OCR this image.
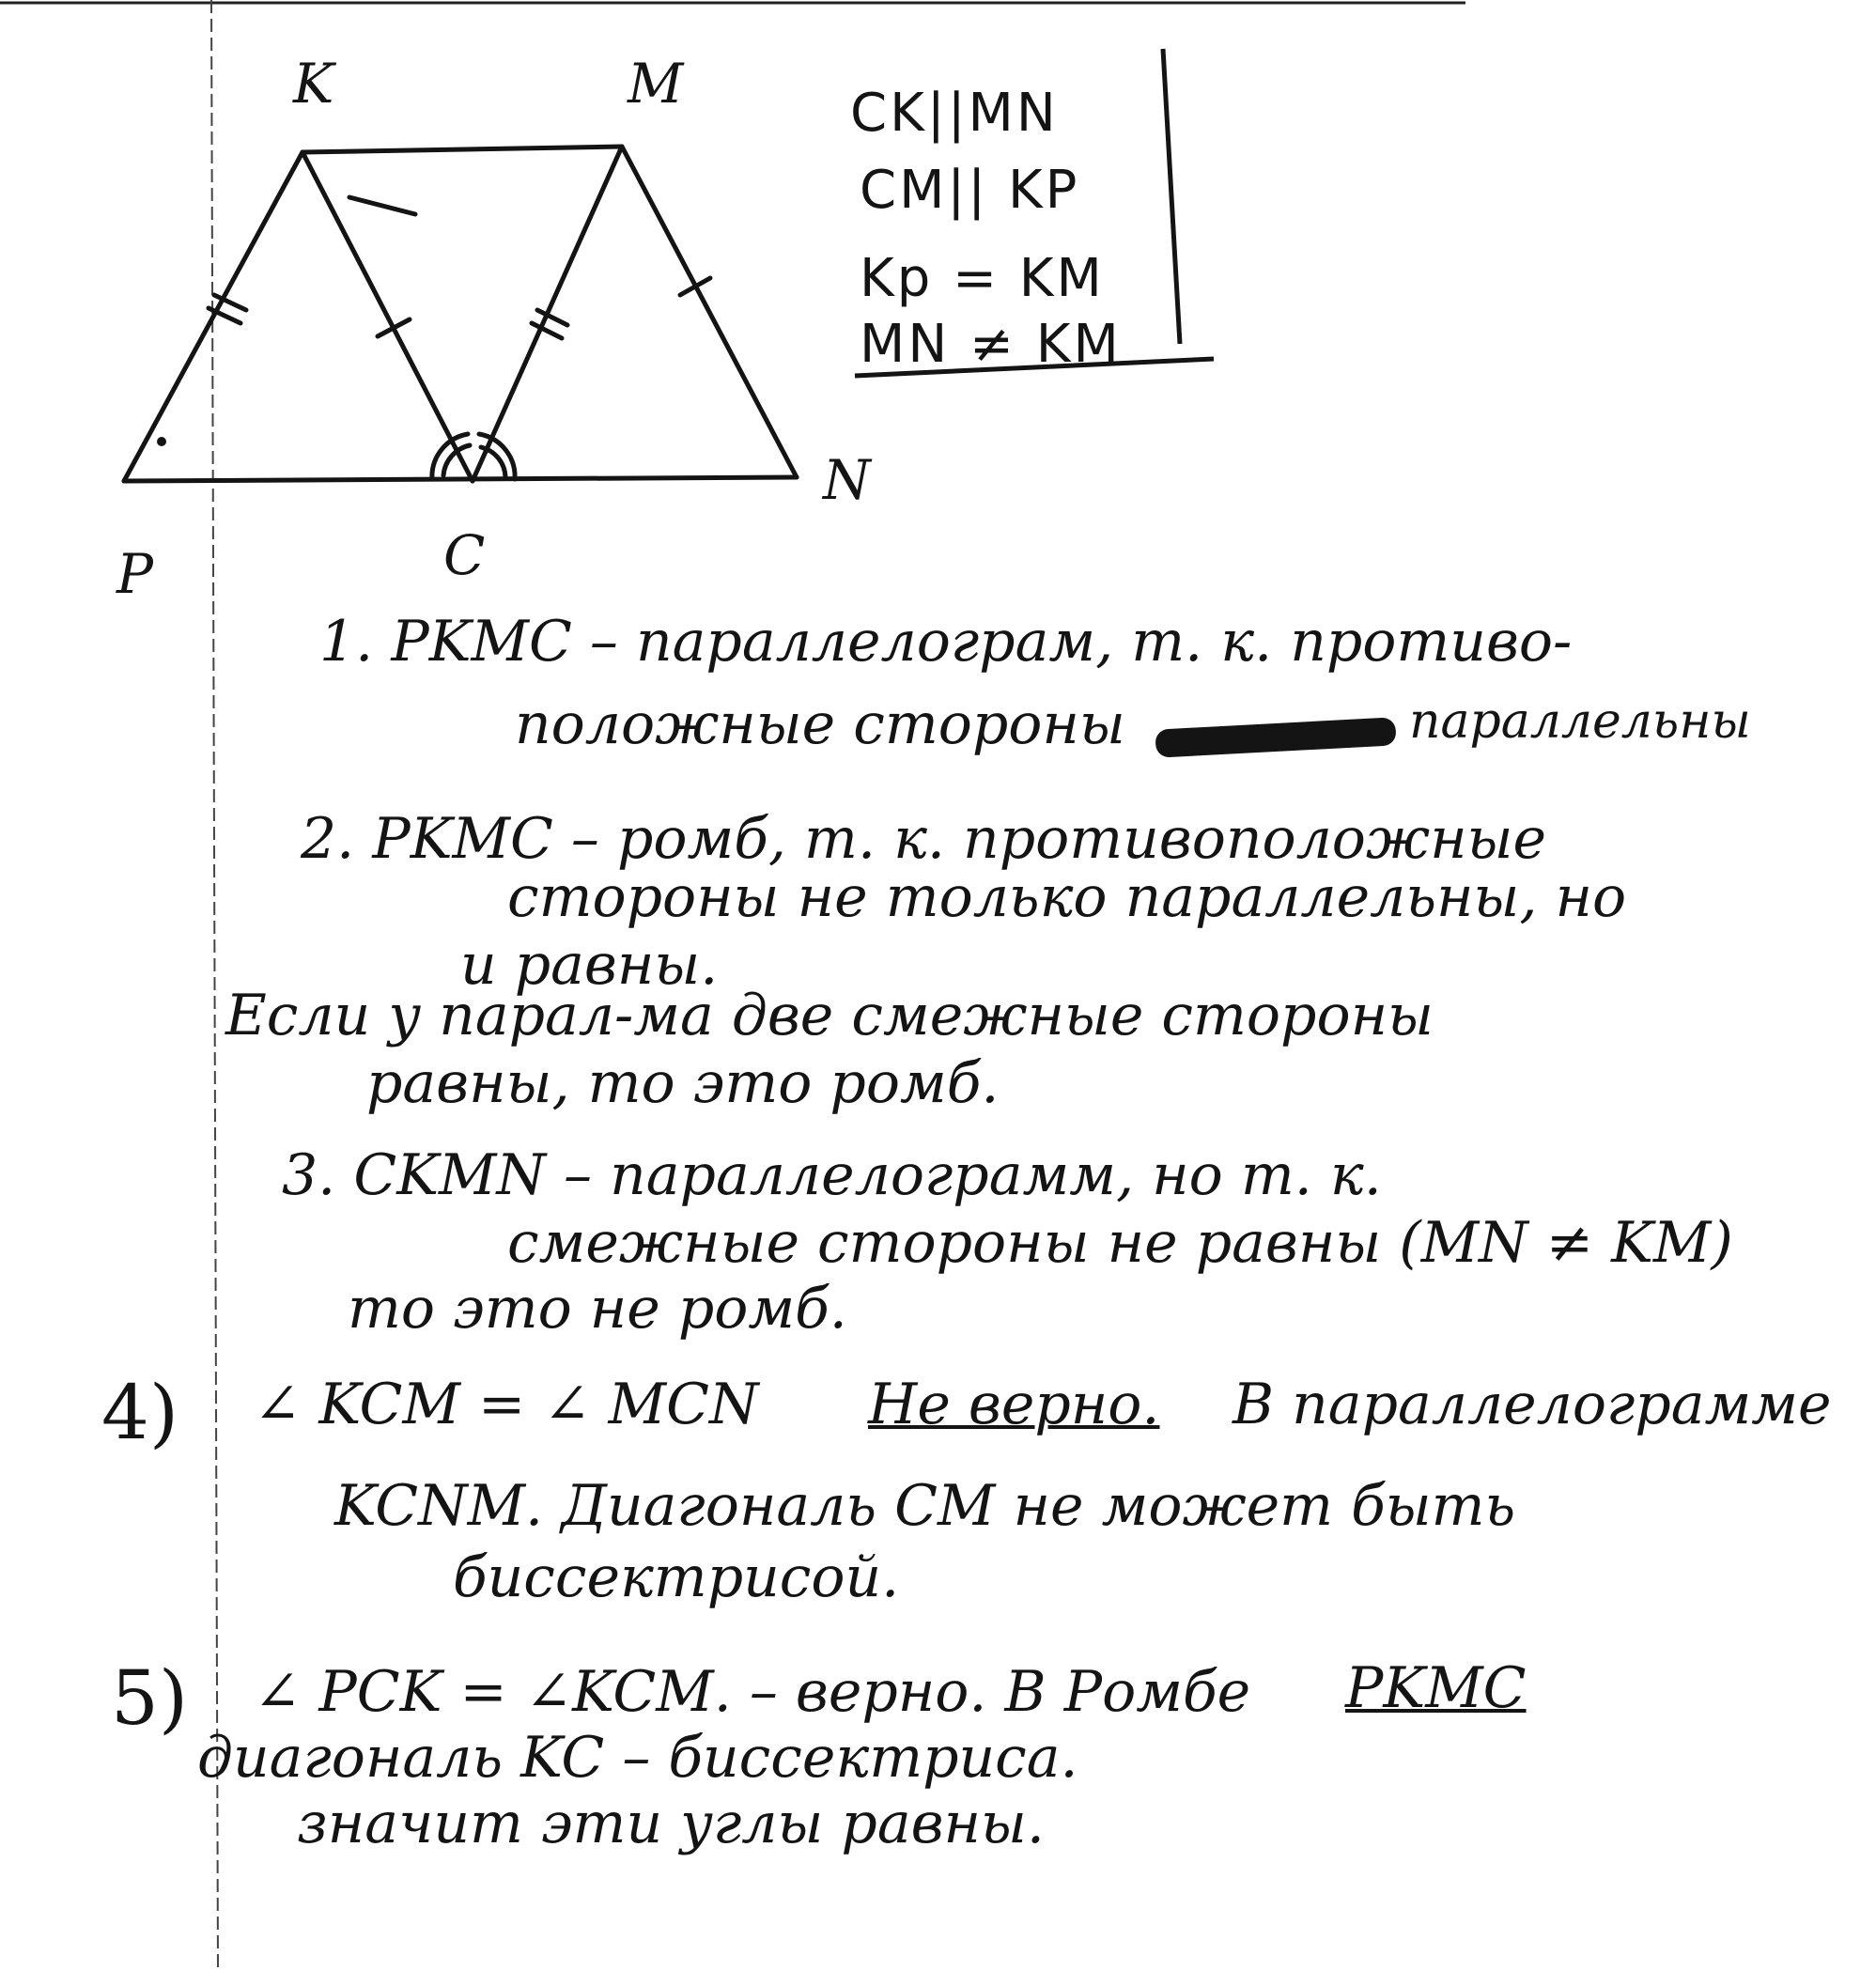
K	M
N
P	C
CK||MN
CM|| KP
Kp = KM
MN ≠ KM
1. PKMC – параллелограм, т. к. противо-
положные стороны	параллельны
2. PKMC – ромб, т. к. противоположные
стороны не только параллельны, но
и равны.
Если у парал-ма две смежные стороны
равны, то это ромб.
3. CKMN – параллелограмм, но т. к.
смежные стороны не равны (MN ≠ KM)
то это не ромб.
4) ∠ KCM = ∠ MCN Не верно. В параллелограмме
KCNM. Диагональ CM не может быть
биссектрисой.
5) ∠ PCK = ∠KCM. – верно. В Ромбе PKMC
диагональ KC – биссектриса.
значит эти углы равны.
